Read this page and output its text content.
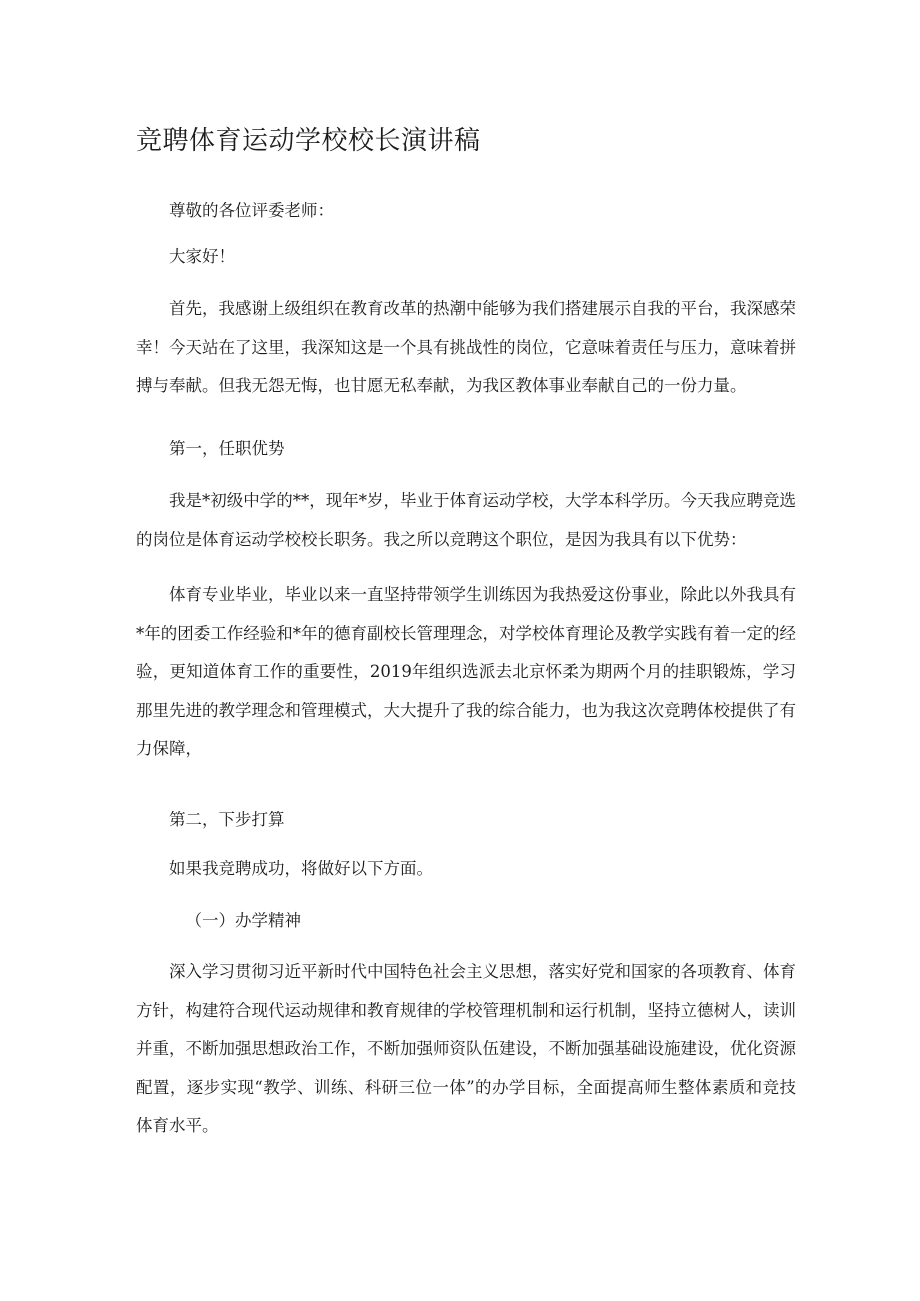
竞聘体育运动学校校长演讲稿

尊敬的各位评委老师：

大家好！

首先，我感谢上级组织在教育改革的热潮中能够为我们搭建展示自我的平台，我深感荣幸！今天站在了这里，我深知这是一个具有挑战性的岗位，它意味着责任与压力，意味着拼搏与奉献。但我无怨无悔，也甘愿无私奉献，为我区教体事业奉献自己的一份力量。

第一，任职优势

我是*初级中学的**，现年*岁，毕业于体育运动学校，大学本科学历。今天我应聘竞选的岗位是体育运动学校校长职务。我之所以竞聘这个职位，是因为我具有以下优势：

体育专业毕业，毕业以来一直坚持带领学生训练因为我热爱这份事业，除此以外我具有*年的团委工作经验和*年的德育副校长管理理念，对学校体育理论及教学实践有着一定的经验，更知道体育工作的重要性，2019年组织选派去北京怀柔为期两个月的挂职锻炼，学习那里先进的教学理念和管理模式，大大提升了我的综合能力，也为我这次竞聘体校提供了有力保障，

第二，下步打算

如果我竞聘成功，将做好以下方面。

（一）办学精神

深入学习贯彻习近平新时代中国特色社会主义思想，落实好党和国家的各项教育、体育方针，构建符合现代运动规律和教育规律的学校管理机制和运行机制，坚持立德树人，读训并重，不断加强思想政治工作，不断加强师资队伍建设，不断加强基础设施建设，优化资源配置，逐步实现“教学、训练、科研三位一体”的办学目标，全面提高师生整体素质和竞技体育水平。
